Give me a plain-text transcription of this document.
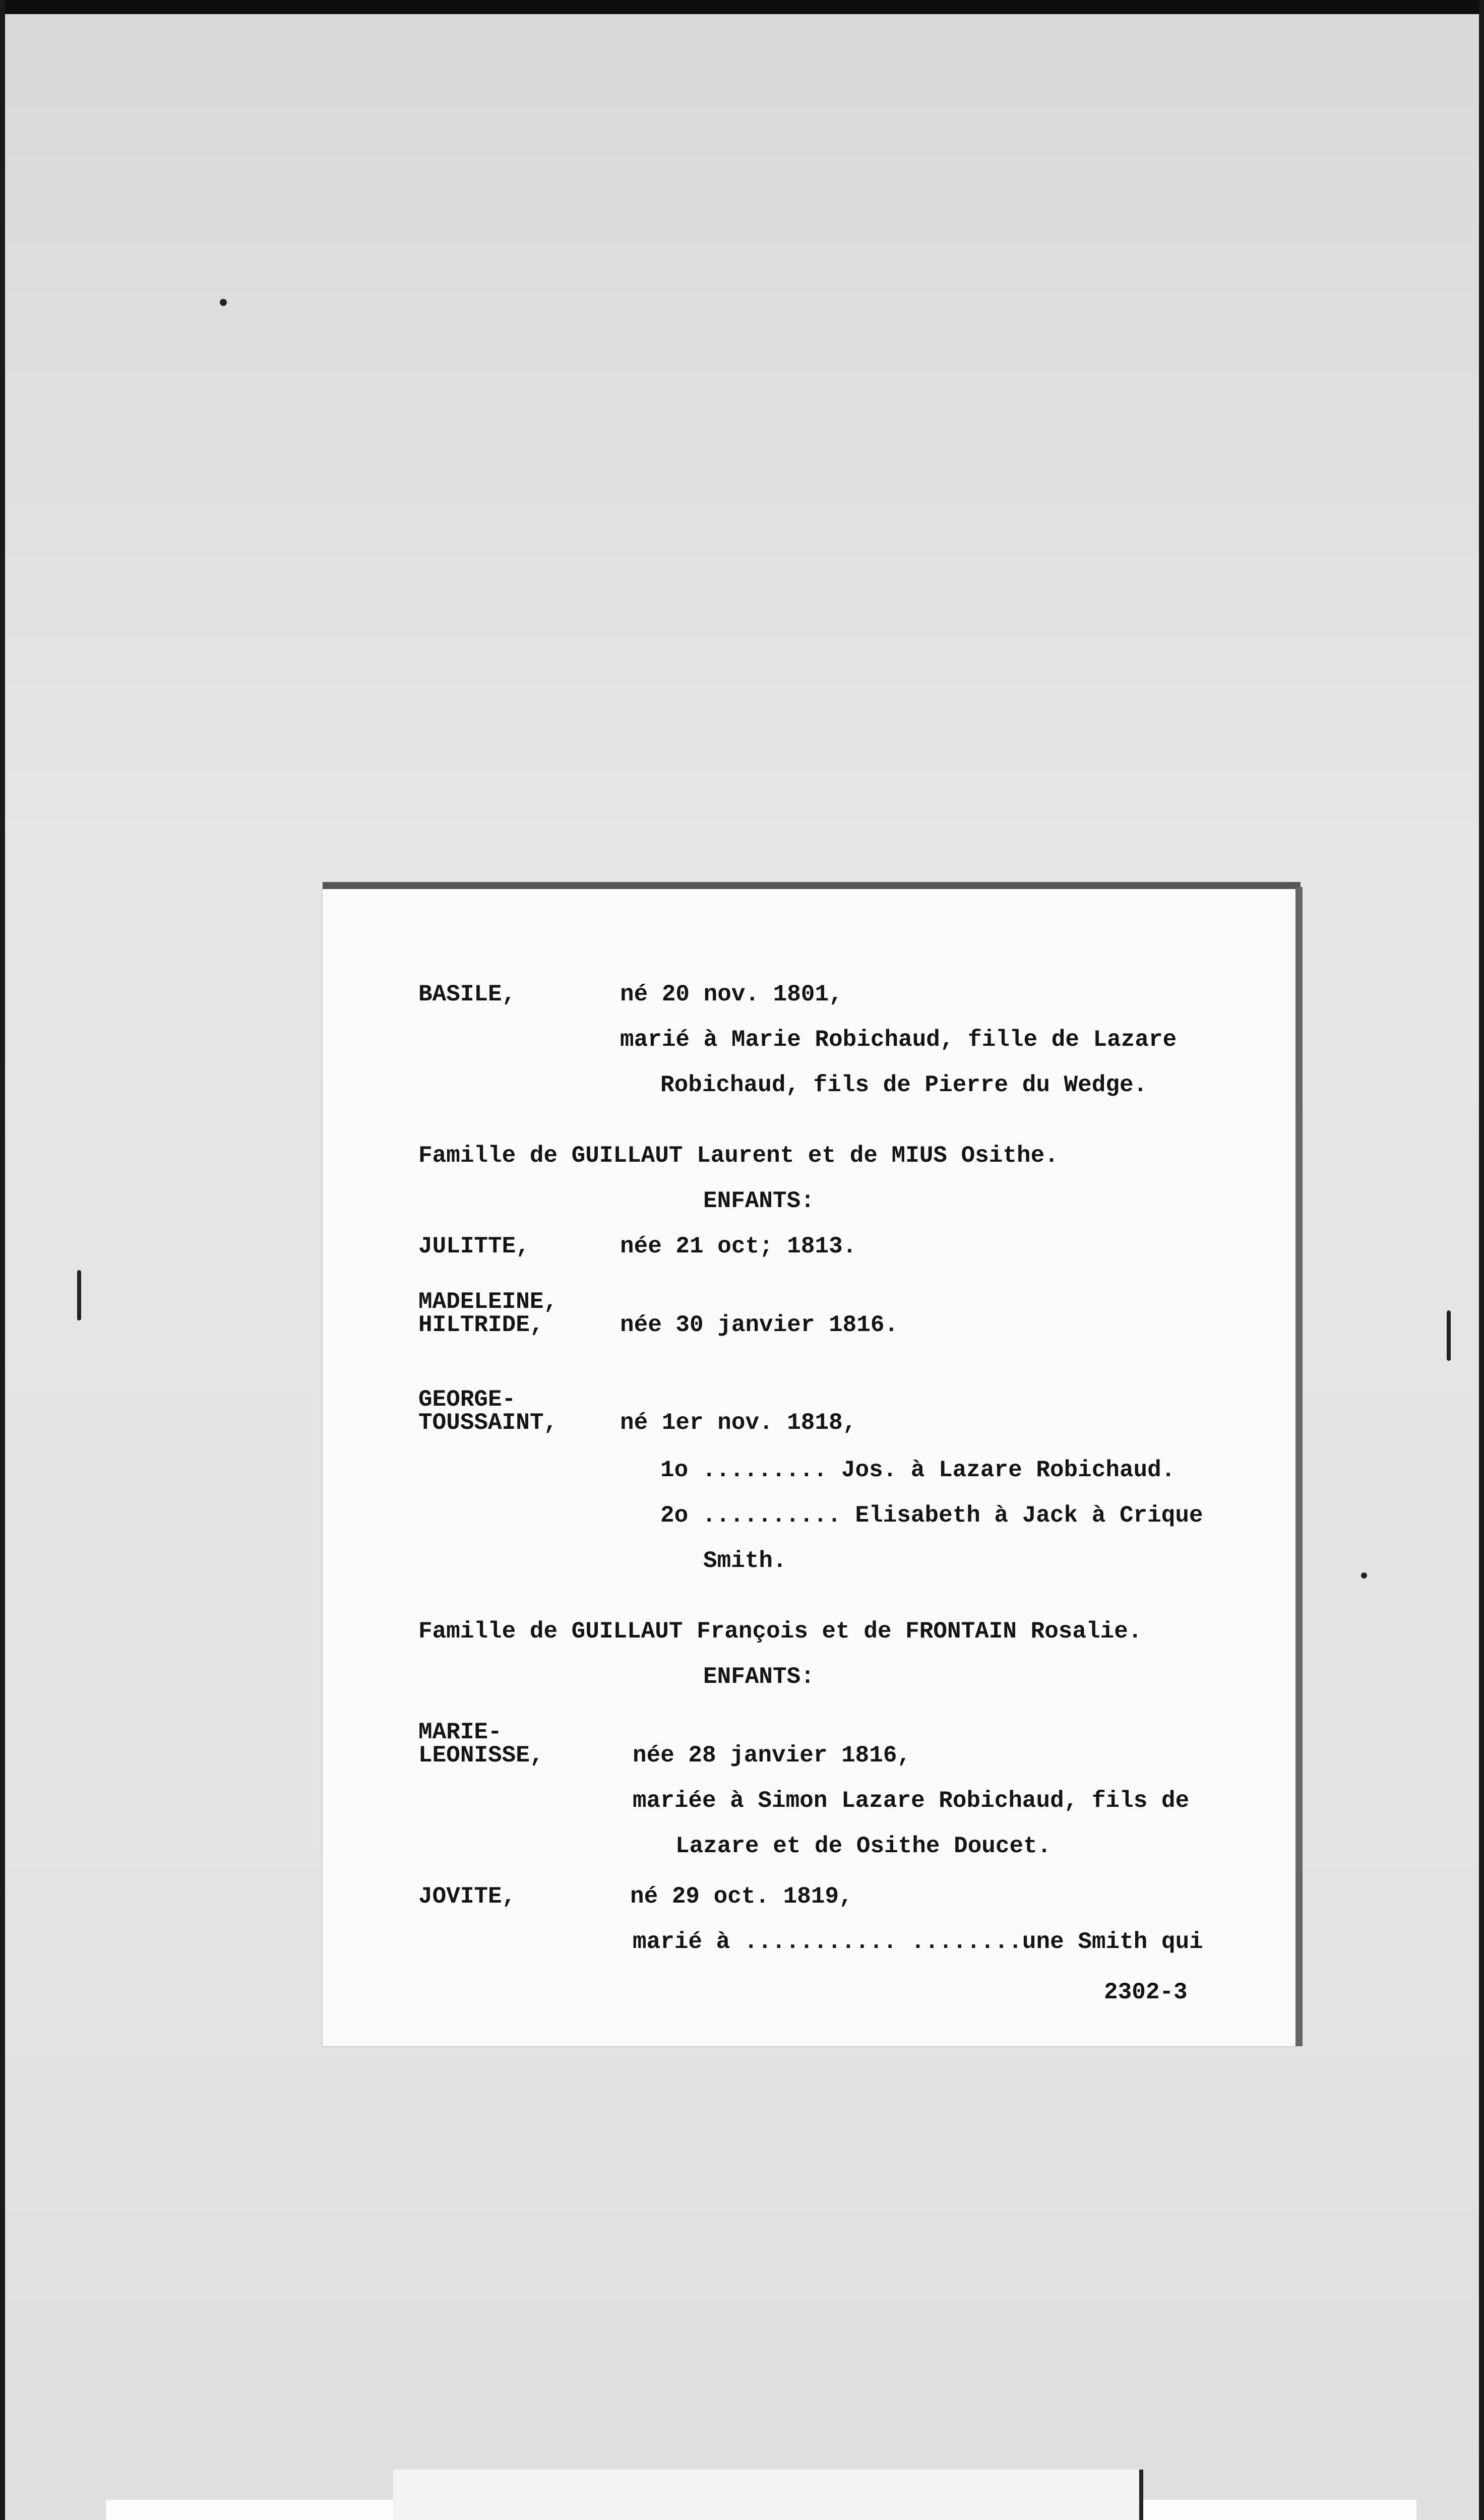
BASILE,	né 20 nov. 1801,
marié à Marie Robichaud, fille de Lazare
Robichaud, fils de Pierre du Wedge.
Famille de GUILLAUT Laurent et de MIUS Osithe.
ENFANTS:
JULITTE,	née 21 oct; 1813.
MADELEINE,
HILTRIDE,	née 30 janvier 1816.
GEORGE-
TOUSSAINT,	né 1er nov. 1818,
1o ......... Jos. à Lazare Robichaud.
2o .......... Elisabeth à Jack à Crique
Smith.
Famille de GUILLAUT François et de FRONTAIN Rosalie.
ENFANTS:
MARIE-
LEONISSE,	née 28 janvier 1816,
mariée à Simon Lazare Robichaud, fils de
Lazare et de Osithe Doucet.
JOVITE,	né 29 oct. 1819,
marié à ........... ........une Smith qui
2302-3
